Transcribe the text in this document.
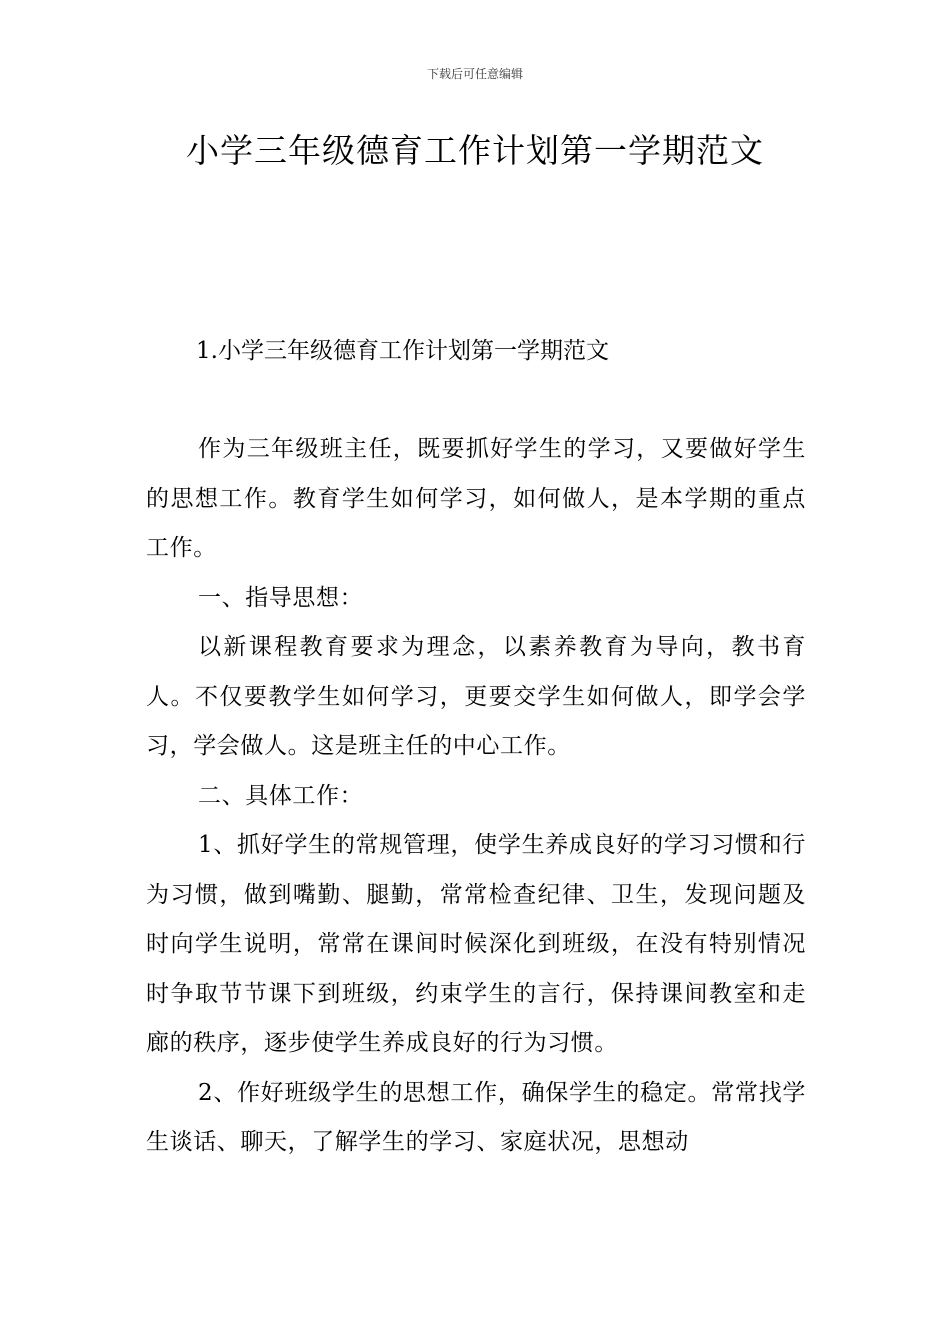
下载后可任意编辑
小学三年级德育工作计划第一学期范文
1.小学三年级德育工作计划第一学期范文

作为三年级班主任，既要抓好学生的学习，又要做好学生的思想工作。教育学生如何学习，如何做人，是本学期的重点工作。

一、指导思想：

以新课程教育要求为理念，以素养教育为导向，教书育人。不仅要教学生如何学习，更要交学生如何做人，即学会学习，学会做人。这是班主任的中心工作。

二、具体工作：

1、抓好学生的常规管理，使学生养成良好的学习习惯和行为习惯，做到嘴勤、腿勤，常常检查纪律、卫生，发现问题及时向学生说明，常常在课间时候深化到班级，在没有特别情况时争取节节课下到班级，约束学生的言行，保持课间教室和走廊的秩序，逐步使学生养成良好的行为习惯。

2、作好班级学生的思想工作，确保学生的稳定。常常找学生谈话、聊天，了解学生的学习、家庭状况，思想动
